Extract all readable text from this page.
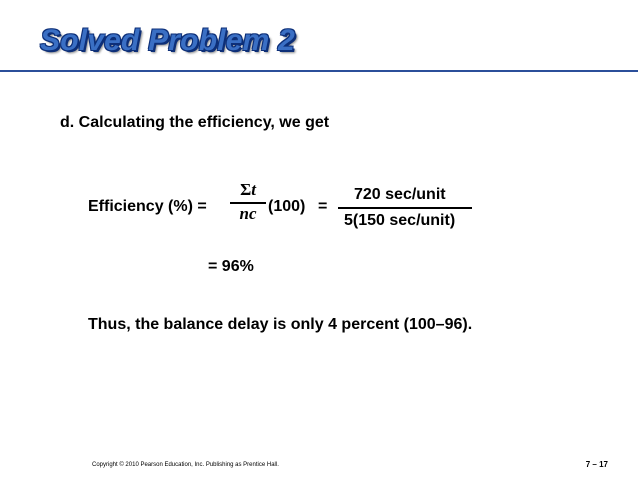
Solved Problem 2
d. Calculating the efficiency, we get
Efficiency (%) =
Σt
nc (100) =
720 sec/unit
5(150 sec/unit)
= 96%
Thus, the balance delay is only 4 percent (100–96).
Copyright © 2010 Pearson Education, Inc. Publishing as Prentice Hall.	7 – 17
